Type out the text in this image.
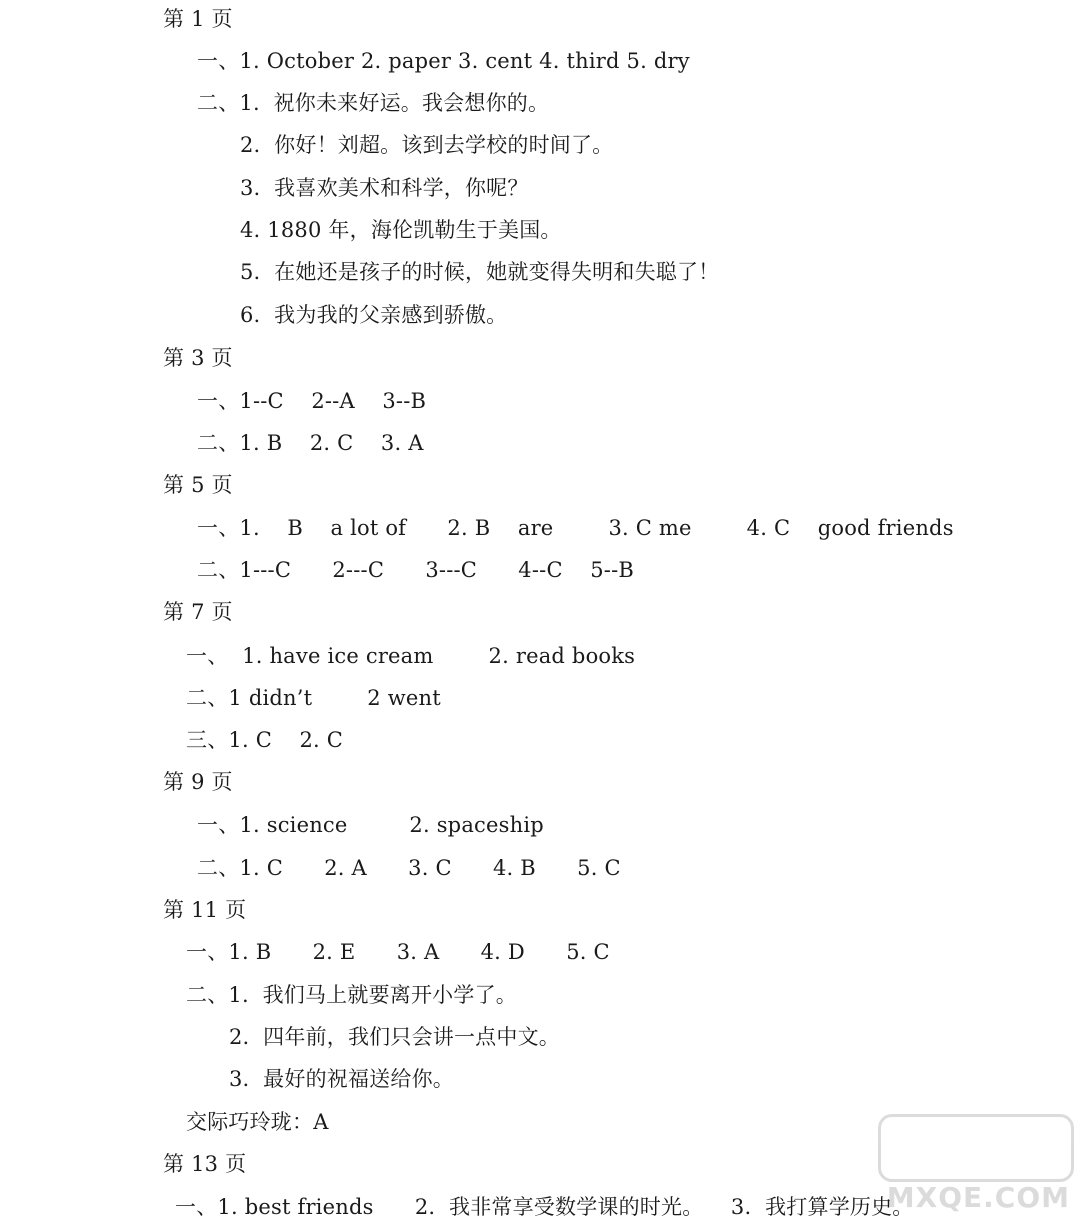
第 1 页

一、1. October 2. paper 3. cent 4. third 5. dry

二、1.  祝你未来好运。我会想你的。

2.  你好！刘超。该到去学校的时间了。

3.  我喜欢美术和科学，你呢？

4. 1880 年，海伦凯勒生于美国。

5.  在她还是孩子的时候，她就变得失明和失聪了！

6.  我为我的父亲感到骄傲。

第 3 页

一、1--C    2--A    3--B

二、1. B    2. C    3. A

第 5 页

一、1.    B    a lot of      2. B    are        3. C me        4. C    good friends

二、1---C      2---C      3---C      4--C    5--B

第 7 页

一、  1. have ice cream        2. read books

二、1 didn’t        2 went

三、1. C    2. C

第 9 页

一、1. science         2. spaceship

二、1. C      2. A      3. C      4. B      5. C

第 11 页

一、1. B      2. E      3. A      4. D      5. C

二、1.  我们马上就要离开小学了。

2.  四年前，我们只会讲一点中文。

3.  最好的祝福送给你。

交际巧玲珑：A

第 13 页

一、1. best friends      2.  我非常享受数学课的时光。    3.  我打算学历史。

MXQE.COM
